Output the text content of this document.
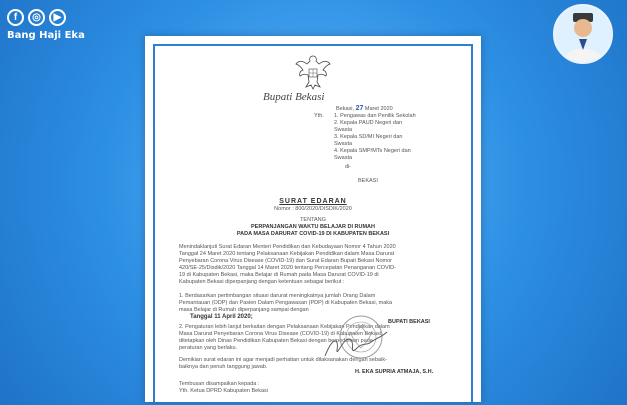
f	◎	▶
Bang Haji Eka
Bupati Bekasi
Bekasi, 27 Maret 2020
Yth. 1. Pengawas dan Penilik Sekolah
2. Kepala PAUD Negeri dan
Swasta
3. Kepala SD/MI Negeri dan
Swasta
4. Kepala SMP/MTs Negeri dan
Swasta
di-
BEKASI
SURAT EDARAN
Nomor : 800/2020/DISDIK/2020
TENTANG
PERPANJANGAN WAKTU BELAJAR DI RUMAH
PADA MASA DARURAT COVID-19 DI KABUPATEN BEKASI
Menindaklanjuti Surat Edaran Menteri Pendidikan dan Kebudayaan Nomor 4 Tahun 2020
Tanggal 24 Maret 2020 tentang Pelaksanaan Kebijakan Pendidikan dalam Masa Darurat
Penyebaran Corona Virus Disease (COVID-19) dan Surat Edaran Bupati Bekasi Nomor
420/SE-25/Disdik/2020 Tanggal 14 Maret 2020 tentang Percepatan Penanganan COVID-
19 di Kabupaten Bekasi, maka Belajar di Rumah pada Masa Darurat COVID-19 di
Kabupaten Bekasi diperpanjang dengan ketentuan sebagai berikut :
1. Berdasarkan pertimbangan situasi darurat meningkatnya jumlah Orang Dalam
Pemantauan (ODP) dan Pasien Dalam Pengawasan (PDP) di Kabupaten Bekasi, maka
masa Belajar di Rumah diperpanjang sampai dengan
Tanggal 11 April 2020;
2. Pengaturan lebih lanjut berkaitan dengan Pelaksanaan Kebijakan Pendidikan dalam
Masa Darurat Penyebaran Corona Virus Disease (COVID-19) di Kabupaten Bekasi
ditetapkan oleh Dinas Pendidikan Kabupaten Bekasi dengan berpedoman pada
peraturan yang berlaku.
Demikian surat edaran ini agar menjadi perhatian untuk dilaksanakan dengan sebaik-
baiknya dan penuh tanggung jawab.
BUPATI BEKASI
H. EKA SUPRIA ATMAJA, S.H.
Tembusan disampaikan kepada :
Yth. Ketua DPRD Kabupaten Bekasi
